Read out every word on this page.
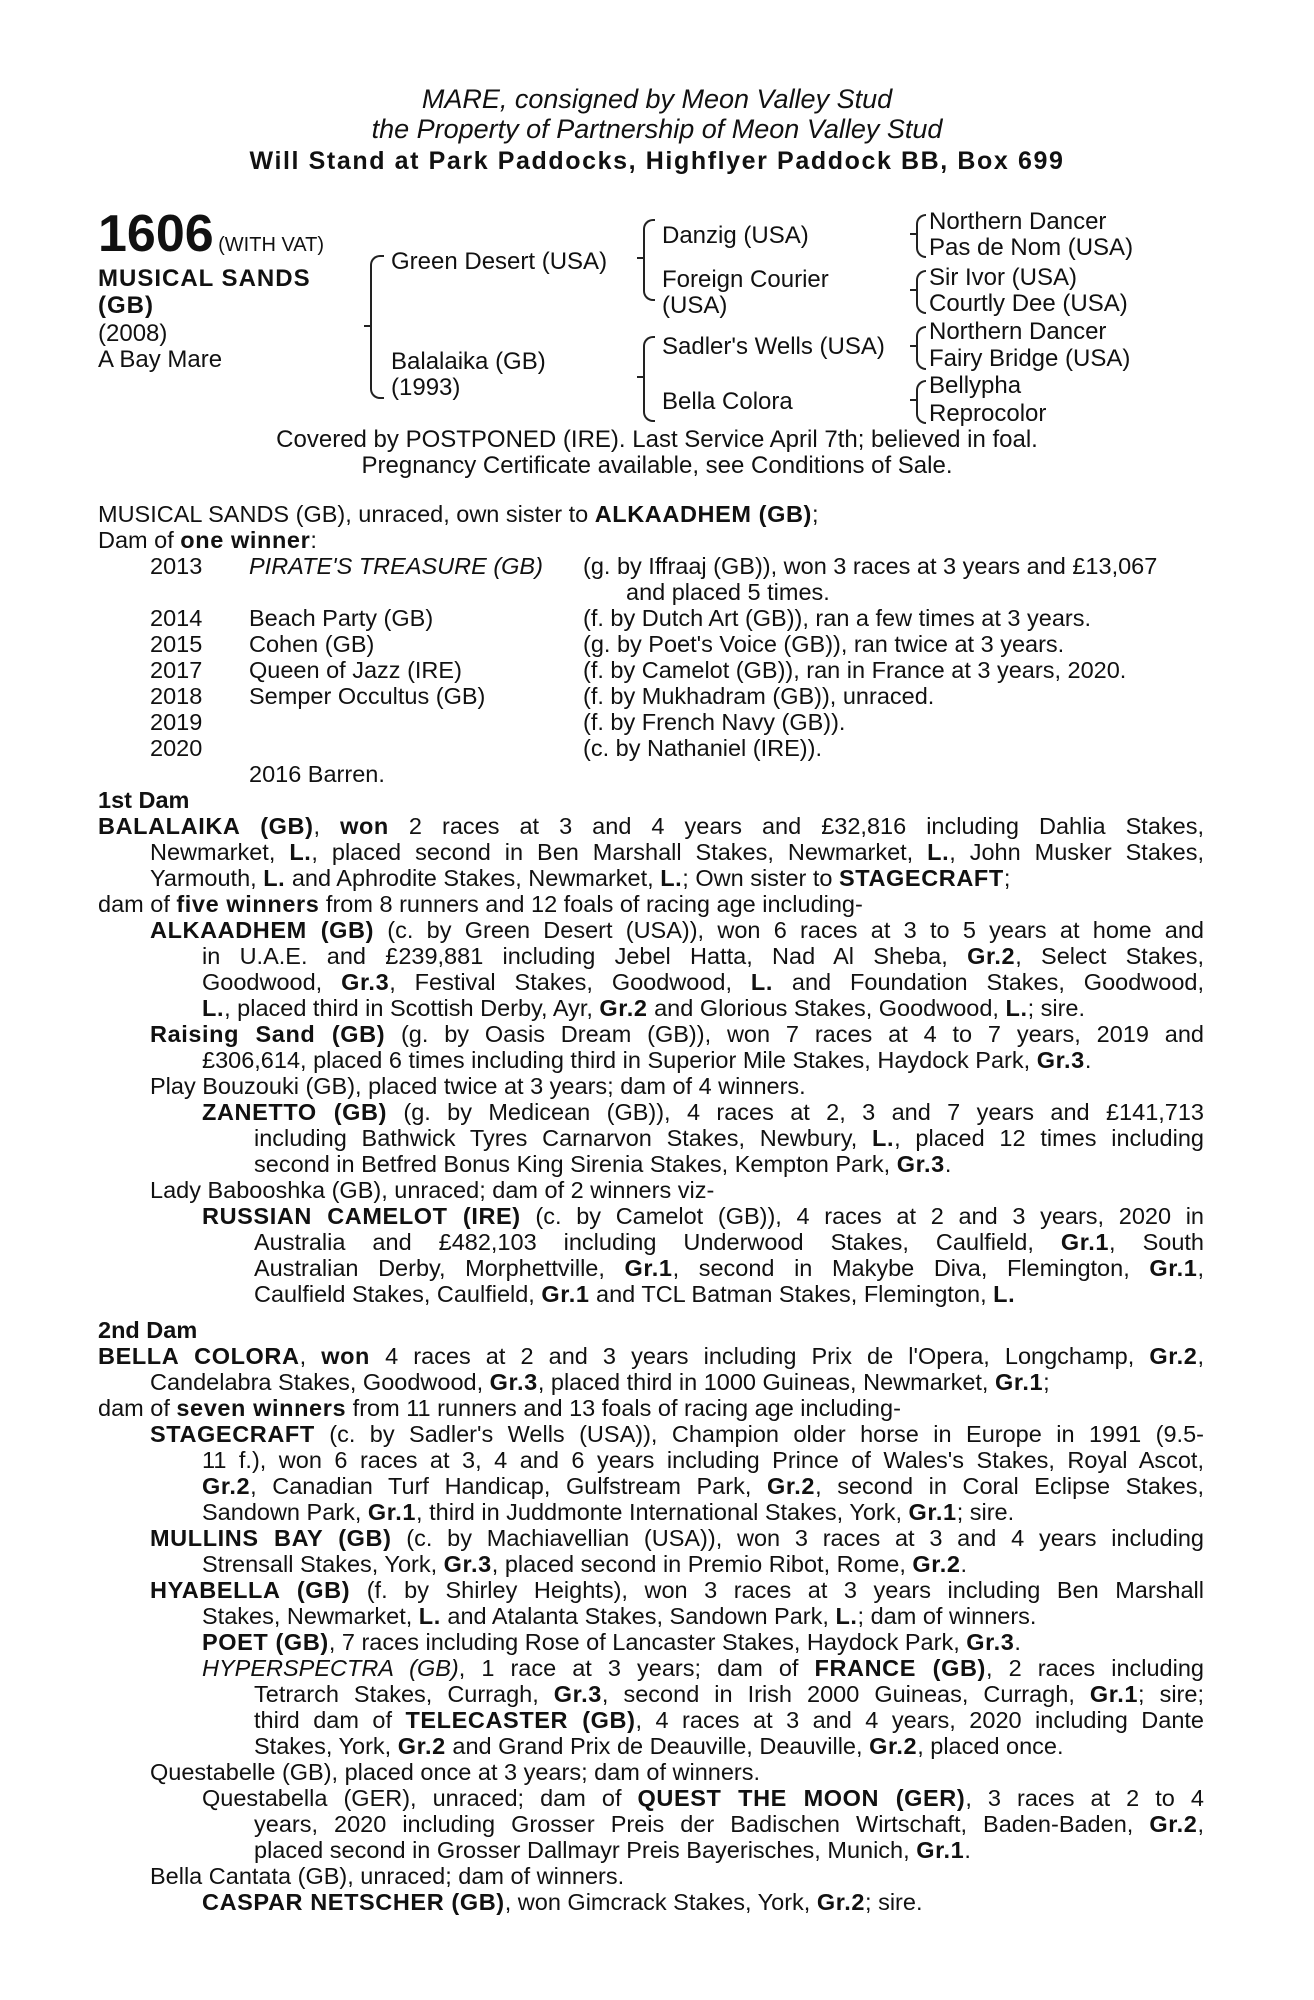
MARE, consigned by Meon Valley Stud
the Property of Partnership of Meon Valley Stud
Will Stand at Park Paddocks, Highflyer Paddock BB, Box 699
1606 (WITH VAT)
MUSICAL SANDS
(GB)
(2008)
A Bay Mare
Green Desert (USA)
Balalaika (GB)
(1993)
Danzig (USA)
Foreign Courier
(USA)
Sadler's Wells (USA)
Bella Colora
Northern Dancer
Pas de Nom (USA)
Sir Ivor (USA)
Courtly Dee (USA)
Northern Dancer
Fairy Bridge (USA)
Bellypha
Reprocolor
Covered by POSTPONED (IRE). Last Service April 7th; believed in foal.
Pregnancy Certificate available, see Conditions of Sale.
MUSICAL SANDS (GB), unraced, own sister to ALKAADHEM (GB);
Dam of one winner:
2013 PIRATE'S TREASURE (GB) (g. by Iffraaj (GB)), won 3 races at 3 years and £13,067
and placed 5 times.
2014 Beach Party (GB)	(f. by Dutch Art (GB)), ran a few times at 3 years.
2015 Cohen (GB)	(g. by Poet's Voice (GB)), ran twice at 3 years.
2017 Queen of Jazz (IRE)	(f. by Camelot (GB)), ran in France at 3 years, 2020.
2018 Semper Occultus (GB)	(f. by Mukhadram (GB)), unraced.
2019	(f. by French Navy (GB)).
2020	(c. by Nathaniel (IRE)).
2016 Barren.
1st Dam
BALALAIKA (GB), won 2 races at 3 and 4 years and £32,816 including Dahlia Stakes,
Newmarket, L., placed second in Ben Marshall Stakes, Newmarket, L., John Musker Stakes,
Yarmouth, L. and Aphrodite Stakes, Newmarket, L.; Own sister to STAGECRAFT;
dam of five winners from 8 runners and 12 foals of racing age including-
ALKAADHEM (GB) (c. by Green Desert (USA)), won 6 races at 3 to 5 years at home and
in U.A.E. and £239,881 including Jebel Hatta, Nad Al Sheba, Gr.2, Select Stakes,
Goodwood, Gr.3, Festival Stakes, Goodwood, L. and Foundation Stakes, Goodwood,
L., placed third in Scottish Derby, Ayr, Gr.2 and Glorious Stakes, Goodwood, L.; sire.
Raising Sand (GB) (g. by Oasis Dream (GB)), won 7 races at 4 to 7 years, 2019 and
£306,614, placed 6 times including third in Superior Mile Stakes, Haydock Park, Gr.3.
Play Bouzouki (GB), placed twice at 3 years; dam of 4 winners.
ZANETTO (GB) (g. by Medicean (GB)), 4 races at 2, 3 and 7 years and £141,713
including Bathwick Tyres Carnarvon Stakes, Newbury, L., placed 12 times including
second in Betfred Bonus King Sirenia Stakes, Kempton Park, Gr.3.
Lady Babooshka (GB), unraced; dam of 2 winners viz-
RUSSIAN CAMELOT (IRE) (c. by Camelot (GB)), 4 races at 2 and 3 years, 2020 in
Australia and £482,103 including Underwood Stakes, Caulfield, Gr.1, South
Australian Derby, Morphettville, Gr.1, second in Makybe Diva, Flemington, Gr.1,
Caulfield Stakes, Caulfield, Gr.1 and TCL Batman Stakes, Flemington, L.
2nd Dam
BELLA COLORA, won 4 races at 2 and 3 years including Prix de l'Opera, Longchamp, Gr.2,
Candelabra Stakes, Goodwood, Gr.3, placed third in 1000 Guineas, Newmarket, Gr.1;
dam of seven winners from 11 runners and 13 foals of racing age including-
STAGECRAFT (c. by Sadler's Wells (USA)), Champion older horse in Europe in 1991 (9.5-
11 f.), won 6 races at 3, 4 and 6 years including Prince of Wales's Stakes, Royal Ascot,
Gr.2, Canadian Turf Handicap, Gulfstream Park, Gr.2, second in Coral Eclipse Stakes,
Sandown Park, Gr.1, third in Juddmonte International Stakes, York, Gr.1; sire.
MULLINS BAY (GB) (c. by Machiavellian (USA)), won 3 races at 3 and 4 years including
Strensall Stakes, York, Gr.3, placed second in Premio Ribot, Rome, Gr.2.
HYABELLA (GB) (f. by Shirley Heights), won 3 races at 3 years including Ben Marshall
Stakes, Newmarket, L. and Atalanta Stakes, Sandown Park, L.; dam of winners.
POET (GB), 7 races including Rose of Lancaster Stakes, Haydock Park, Gr.3.
HYPERSPECTRA (GB), 1 race at 3 years; dam of FRANCE (GB), 2 races including
Tetrarch Stakes, Curragh, Gr.3, second in Irish 2000 Guineas, Curragh, Gr.1; sire;
third dam of TELECASTER (GB), 4 races at 3 and 4 years, 2020 including Dante
Stakes, York, Gr.2 and Grand Prix de Deauville, Deauville, Gr.2, placed once.
Questabelle (GB), placed once at 3 years; dam of winners.
Questabella (GER), unraced; dam of QUEST THE MOON (GER), 3 races at 2 to 4
years, 2020 including Grosser Preis der Badischen Wirtschaft, Baden-Baden, Gr.2,
placed second in Grosser Dallmayr Preis Bayerisches, Munich, Gr.1.
Bella Cantata (GB), unraced; dam of winners.
CASPAR NETSCHER (GB), won Gimcrack Stakes, York, Gr.2; sire.
